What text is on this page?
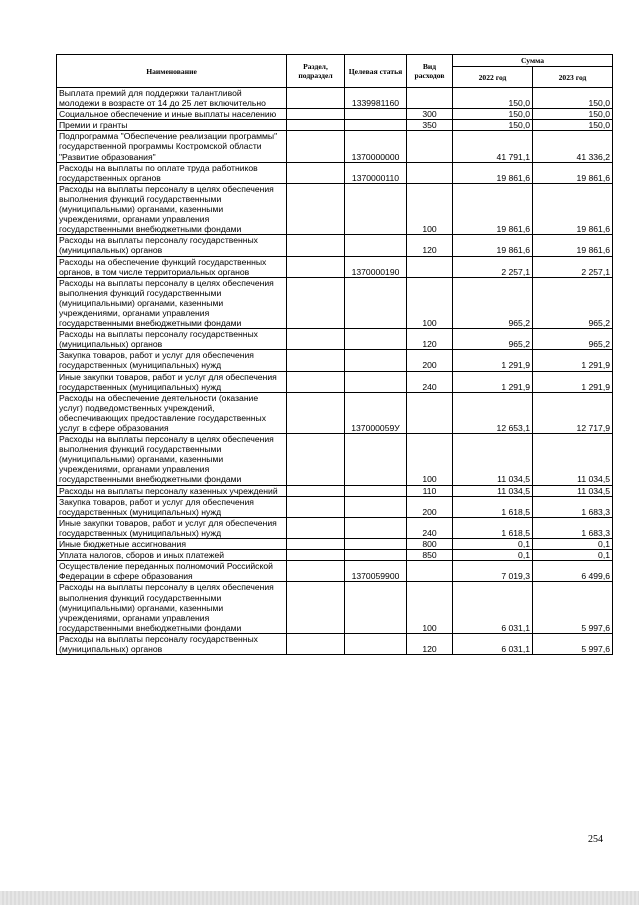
Наименование	Раздел, подраздел	Целевая статья	Вид расходов	Сумма	
				2022 год	2023 год
Выплата премий для поддержки талантливой молодежи в возрасте от 14 до 25 лет включительно		1339981160		150,0	150,0
Социальное обеспечение и иные выплаты населению			300	150,0	150,0
Премии и гранты			350	150,0	150,0
Подпрограмма "Обеспечение реализации программы" государственной программы Костромской области "Развитие образования"		1370000000		41 791,1	41 336,2
Расходы на выплаты по оплате труда работников государственных органов		1370000110		19 861,6	19 861,6
Расходы на выплаты персоналу в целях обеспечения выполнения функций государственными (муниципальными) органами, казенными учреждениями, органами управления государственными внебюджетными фондами			100	19 861,6	19 861,6
Расходы на выплаты персоналу государственных (муниципальных) органов			120	19 861,6	19 861,6
Расходы на обеспечение функций государственных органов, в том числе территориальных органов		1370000190		2 257,1	2 257,1
Расходы на выплаты персоналу в целях обеспечения выполнения функций государственными (муниципальными) органами, казенными учреждениями, органами управления государственными внебюджетными фондами			100	965,2	965,2
Расходы на выплаты персоналу государственных (муниципальных) органов			120	965,2	965,2
Закупка товаров, работ и услуг для обеспечения государственных (муниципальных) нужд			200	1 291,9	1 291,9
Иные закупки товаров, работ и услуг для обеспечения государственных (муниципальных) нужд			240	1 291,9	1 291,9
Расходы на обеспечение деятельности (оказание услуг) подведомственных учреждений, обеспечивающих предоставление государственных услуг в сфере образования		137000059У		12 653,1	12 717,9
Расходы на выплаты персоналу в целях обеспечения выполнения функций государственными (муниципальными) органами, казенными учреждениями, органами управления государственными внебюджетными фондами			100	11 034,5	11 034,5
Расходы на выплаты персоналу казенных учреждений			110	11 034,5	11 034,5
Закупка товаров, работ и услуг для обеспечения государственных (муниципальных) нужд			200	1 618,5	1 683,3
Иные закупки товаров, работ и услуг для обеспечения государственных (муниципальных) нужд			240	1 618,5	1 683,3
Иные бюджетные ассигнования			800	0,1	0,1
Уплата налогов, сборов и иных платежей			850	0,1	0,1
Осуществление переданных полномочий Российской Федерации в сфере образования		1370059900		7 019,3	6 499,6
Расходы на выплаты персоналу в целях обеспечения выполнения функций государственными (муниципальными) органами, казенными учреждениями, органами управления государственными внебюджетными фондами			100	6 031,1	5 997,6
Расходы на выплаты персоналу государственных (муниципальных) органов			120	6 031,1	5 997,6
254
